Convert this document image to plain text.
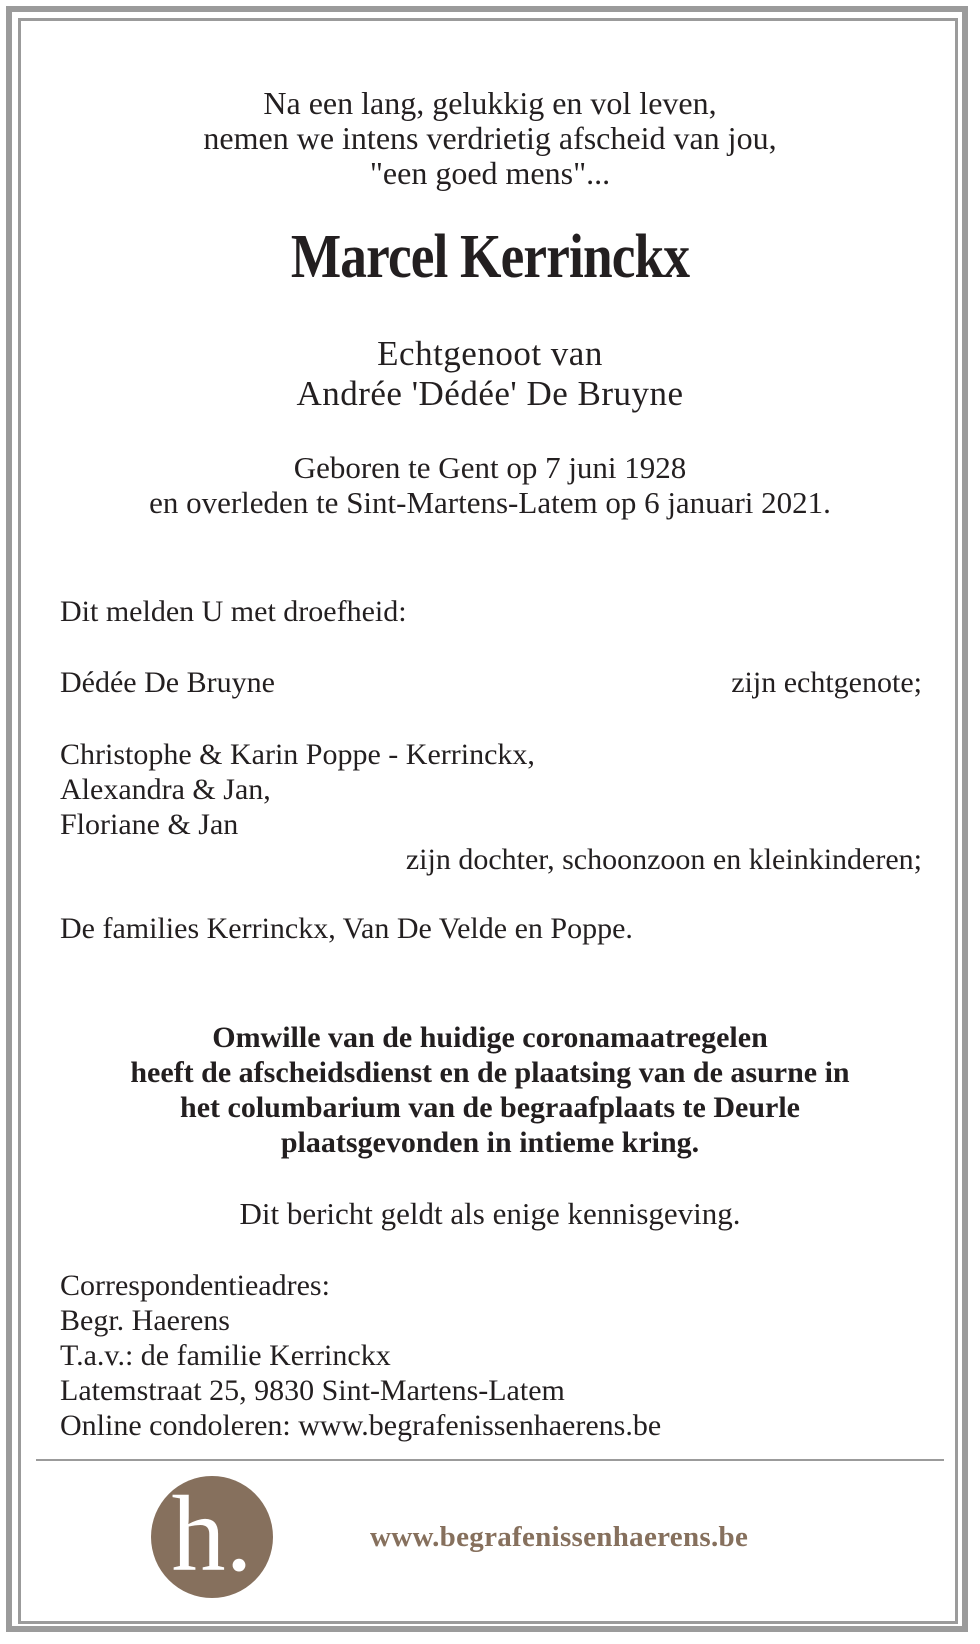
Na een lang, gelukkig en vol leven,
nemen we intens verdrietig afscheid van jou,
"een goed mens"...
Marcel Kerrinckx
Echtgenoot van
Andrée 'Dédée' De Bruyne
Geboren te Gent op 7 juni 1928
en overleden te Sint-Martens-Latem op 6 januari 2021.
Dit melden U met droefheid:
Dédée De Bruyne	zijn echtgenote;
Christophe & Karin Poppe - Kerrinckx,
Alexandra & Jan,
Floriane & Jan
zijn dochter, schoonzoon en kleinkinderen;
De families Kerrinckx, Van De Velde en Poppe.
Omwille van de huidige coronamaatregelen
heeft de afscheidsdienst en de plaatsing van de asurne in
het columbarium van de begraafplaats te Deurle
plaatsgevonden in intieme kring.
Dit bericht geldt als enige kennisgeving.
Correspondentieadres:
Begr. Haerens
T.a.v.: de familie Kerrinckx
Latemstraat 25, 9830 Sint-Martens-Latem
Online condoleren: www.begrafenissenhaerens.be
h.	www.begrafenissenhaerens.be
